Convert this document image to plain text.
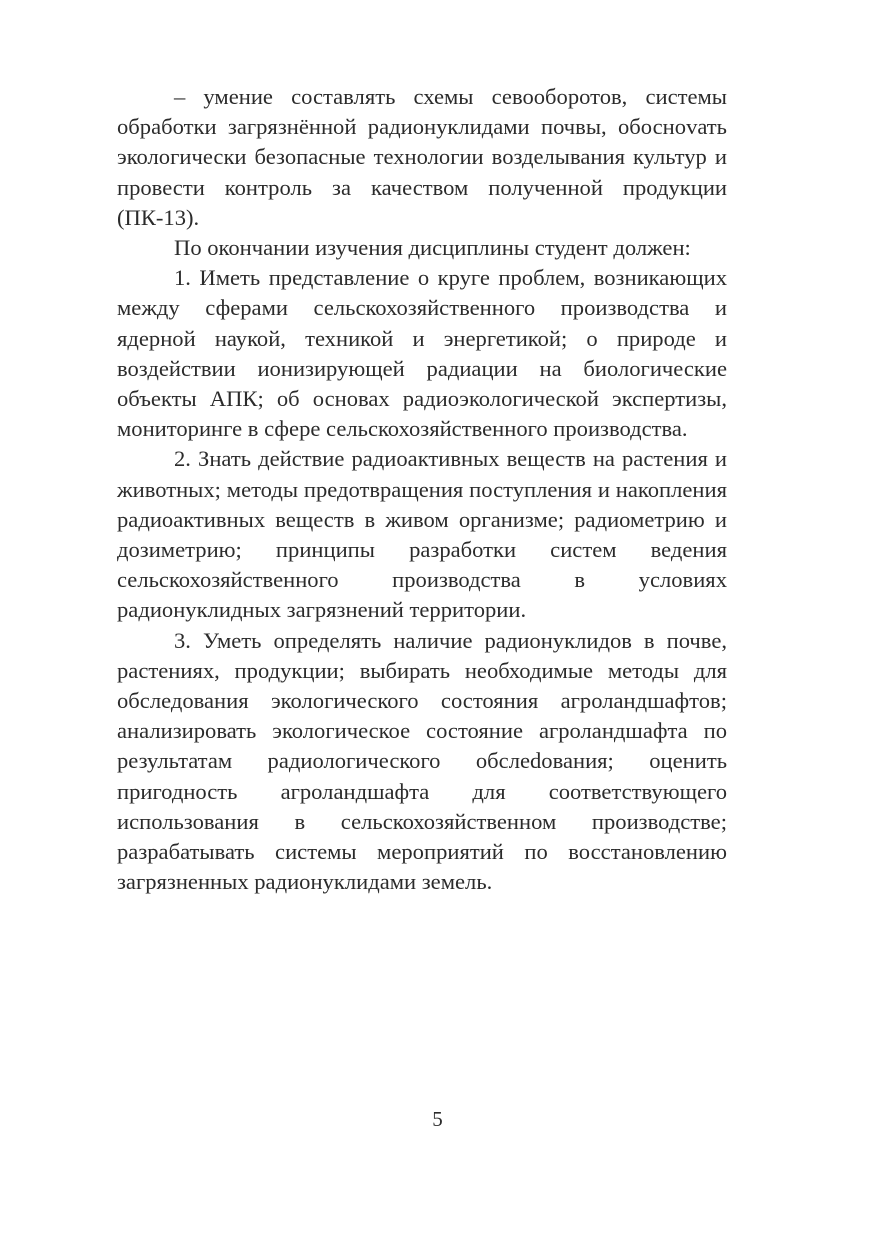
– умение составлять схемы севооборотов, системы обработки загрязнённой радионуклидами почвы, обосноvать экологически безопасные технологии возделывания культур и провести контроль за качеством полученной продукции (ПК-13).

По окончании изучения дисциплины студент должен:

1. Иметь представление о круге проблем, возникающих между сферами сельскохозяйственного производства и ядерной наукой, техникой и энергетикой; о природе и воздействии ионизирующей радиации на биологические объекты АПК; об основах радиоэкологической экспертизы, мониторинге в сфере сельскохозяйственного производства.

2. Знать действие радиоактивных веществ на растения и животных; методы предотвращения поступления и накопления радиоактивных веществ в живом организме; радиометрию и дозиметрию; принципы разработки систем ведения сельскохозяйственного производства в условиях радионуклидных загрязнений территории.

3. Уметь определять наличие радионуклидов в почве, растениях, продукции; выбирать необходимые методы для обследования экологического состояния агроландшафтов; анализировать экологическое состояние агроландшафта по результатам радиологического обслеdования; оценить пригодность агроландшафта для соответствующего использования в сельскохозяйственном производстве; разрабатывать системы мероприятий по восстановлению загрязненных радионуклидами земель.

5
